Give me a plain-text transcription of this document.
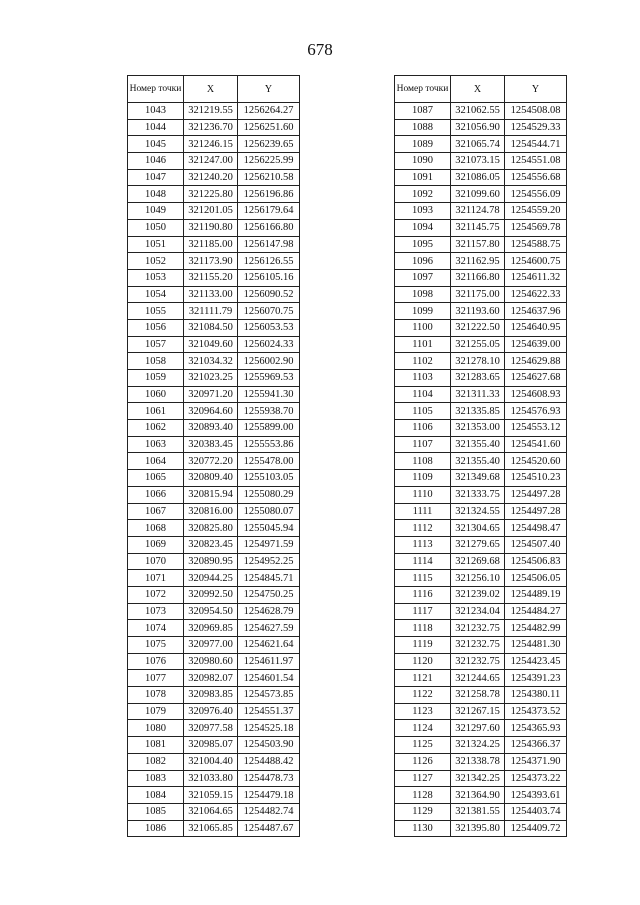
678
Номер точки	X	Y
1043	321219.55	1256264.27
1044	321236.70	1256251.60
1045	321246.15	1256239.65
1046	321247.00	1256225.99
1047	321240.20	1256210.58
1048	321225.80	1256196.86
1049	321201.05	1256179.64
1050	321190.80	1256166.80
1051	321185.00	1256147.98
1052	321173.90	1256126.55
1053	321155.20	1256105.16
1054	321133.00	1256090.52
1055	321111.79	1256070.75
1056	321084.50	1256053.53
1057	321049.60	1256024.33
1058	321034.32	1256002.90
1059	321023.25	1255969.53
1060	320971.20	1255941.30
1061	320964.60	1255938.70
1062	320893.40	1255899.00
1063	320383.45	1255553.86
1064	320772.20	1255478.00
1065	320809.40	1255103.05
1066	320815.94	1255080.29
1067	320816.00	1255080.07
1068	320825.80	1255045.94
1069	320823.45	1254971.59
1070	320890.95	1254952.25
1071	320944.25	1254845.71
1072	320992.50	1254750.25
1073	320954.50	1254628.79
1074	320969.85	1254627.59
1075	320977.00	1254621.64
1076	320980.60	1254611.97
1077	320982.07	1254601.54
1078	320983.85	1254573.85
1079	320976.40	1254551.37
1080	320977.58	1254525.18
1081	320985.07	1254503.90
1082	321004.40	1254488.42
1083	321033.80	1254478.73
1084	321059.15	1254479.18
1085	321064.65	1254482.74
1086	321065.85	1254487.67
Номер точки	X	Y
1087	321062.55	1254508.08
1088	321056.90	1254529.33
1089	321065.74	1254544.71
1090	321073.15	1254551.08
1091	321086.05	1254556.68
1092	321099.60	1254556.09
1093	321124.78	1254559.20
1094	321145.75	1254569.78
1095	321157.80	1254588.75
1096	321162.95	1254600.75
1097	321166.80	1254611.32
1098	321175.00	1254622.33
1099	321193.60	1254637.96
1100	321222.50	1254640.95
1101	321255.05	1254639.00
1102	321278.10	1254629.88
1103	321283.65	1254627.68
1104	321311.33	1254608.93
1105	321335.85	1254576.93
1106	321353.00	1254553.12
1107	321355.40	1254541.60
1108	321355.40	1254520.60
1109	321349.68	1254510.23
1110	321333.75	1254497.28
1111	321324.55	1254497.28
1112	321304.65	1254498.47
1113	321279.65	1254507.40
1114	321269.68	1254506.83
1115	321256.10	1254506.05
1116	321239.02	1254489.19
1117	321234.04	1254484.27
1118	321232.75	1254482.99
1119	321232.75	1254481.30
1120	321232.75	1254423.45
1121	321244.65	1254391.23
1122	321258.78	1254380.11
1123	321267.15	1254373.52
1124	321297.60	1254365.93
1125	321324.25	1254366.37
1126	321338.78	1254371.90
1127	321342.25	1254373.22
1128	321364.90	1254393.61
1129	321381.55	1254403.74
1130	321395.80	1254409.72
